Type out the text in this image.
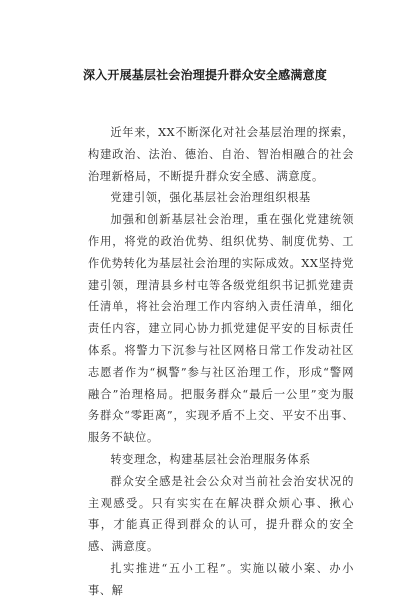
深入开展基层社会治理提升群众安全感满意度

近年来，XX不断深化对社会基层治理的探索，构建政治、法治、德治、自治、智治相融合的社会治理新格局，不断提升群众安全感、满意度。

党建引领，强化基层社会治理组织根基

加强和创新基层社会治理，重在强化党建统领作用，将党的政治优势、组织优势、制度优势、工作优势转化为基层社会治理的实际成效。XX坚持党建引领，理清县乡村屯等各级党组织书记抓党建责任清单，将社会治理工作内容纳入责任清单，细化责任内容，建立同心协力抓党建促平安的目标责任体系。将警力下沉参与社区网格日常工作发动社区志愿者作为“枫警”参与社区治理工作，形成“警网融合”治理格局。把服务群众“最后一公里”变为服务群众“零距离”，实现矛盾不上交、平安不出事、服务不缺位。

转变理念，构建基层社会治理服务体系

群众安全感是社会公众对当前社会治安状况的主观感受。只有实实在在解决群众烦心事、揪心事，才能真正得到群众的认可，提升群众的安全感、满意度。

扎实推进“五小工程”。实施以破小案、办小事、解
